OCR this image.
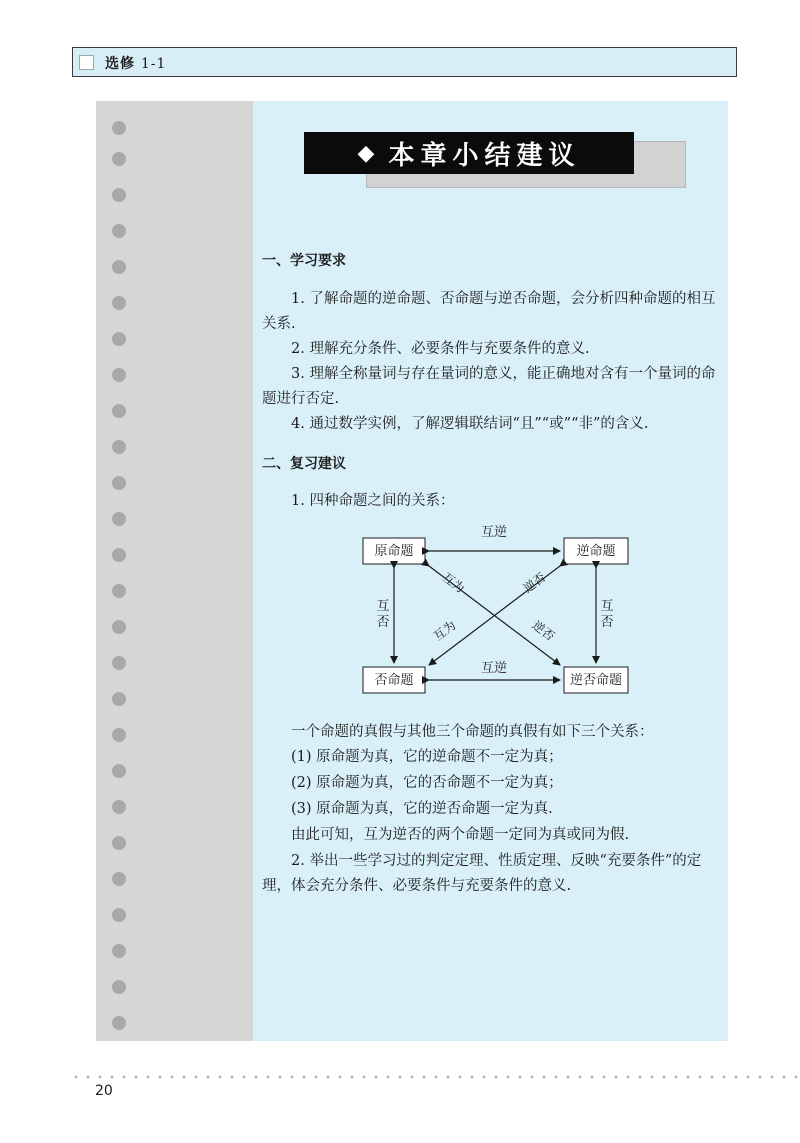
选修 1-1
◆ 本章小结建议

一、学习要求

1. 了解命题的逆命题、否命题与逆否命题，会分析四种命题的相互关系.

2. 理解充分条件、必要条件与充要条件的意义.

3. 理解全称量词与存在量词的意义，能正确地对含有一个量词的命题进行否定.

4. 通过数学实例，了解逻辑联结词“且”“或”“非”的含义.

二、复习建议

1. 四种命题之间的关系：

原命题	逆命题
否命题	逆否命题
互逆
互逆
互
否
互
否
互为	逆否
互为	逆否

一个命题的真假与其他三个命题的真假有如下三个关系：

(1) 原命题为真，它的逆命题不一定为真；

(2) 原命题为真，它的否命题不一定为真；

(3) 原命题为真，它的逆否命题一定为真.

由此可知，互为逆否的两个命题一定同为真或同为假.

2. 举出一些学习过的判定定理、性质定理、反映“充要条件”的定理，体会充分条件、必要条件与充要条件的意义.

20
